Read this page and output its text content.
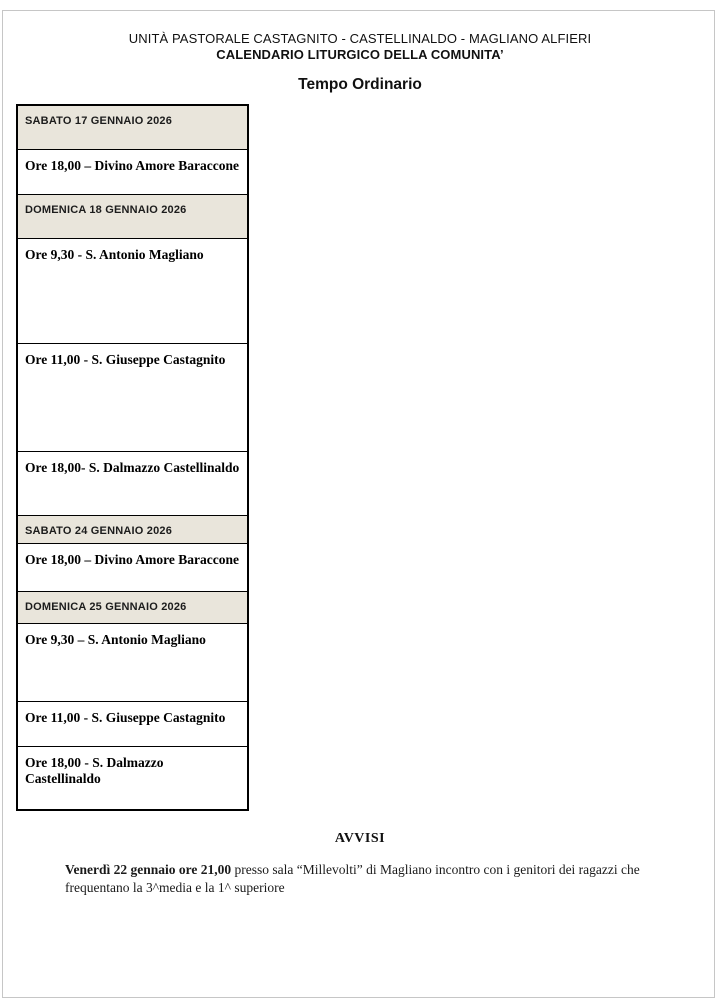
UNITÀ PASTORALE CASTAGNITO - CASTELLINALDO - MAGLIANO ALFIERI
CALENDARIO LITURGICO DELLA COMUNITA’
Tempo Ordinario
SABATO 17 GENNAIO 2026
Ore 18,00 – Divino Amore Baraccone
DOMENICA 18 GENNAIO 2026
Ore 9,30 - S. Antonio Magliano
Ore 11,00 - S. Giuseppe Castagnito
Ore 18,00- S. Dalmazzo Castellinaldo
SABATO 24 GENNAIO 2026
Ore 18,00 – Divino Amore Baraccone
DOMENICA 25 GENNAIO 2026
Ore 9,30 – S. Antonio Magliano
Ore 11,00 - S. Giuseppe Castagnito
Ore 18,00 - S. Dalmazzo Castellinaldo
AVVISI
Venerdì 22 gennaio ore 21,00 presso sala “Millevolti” di Magliano incontro con i genitori dei ragazzi che frequentano la 3^media e la 1^ superiore
